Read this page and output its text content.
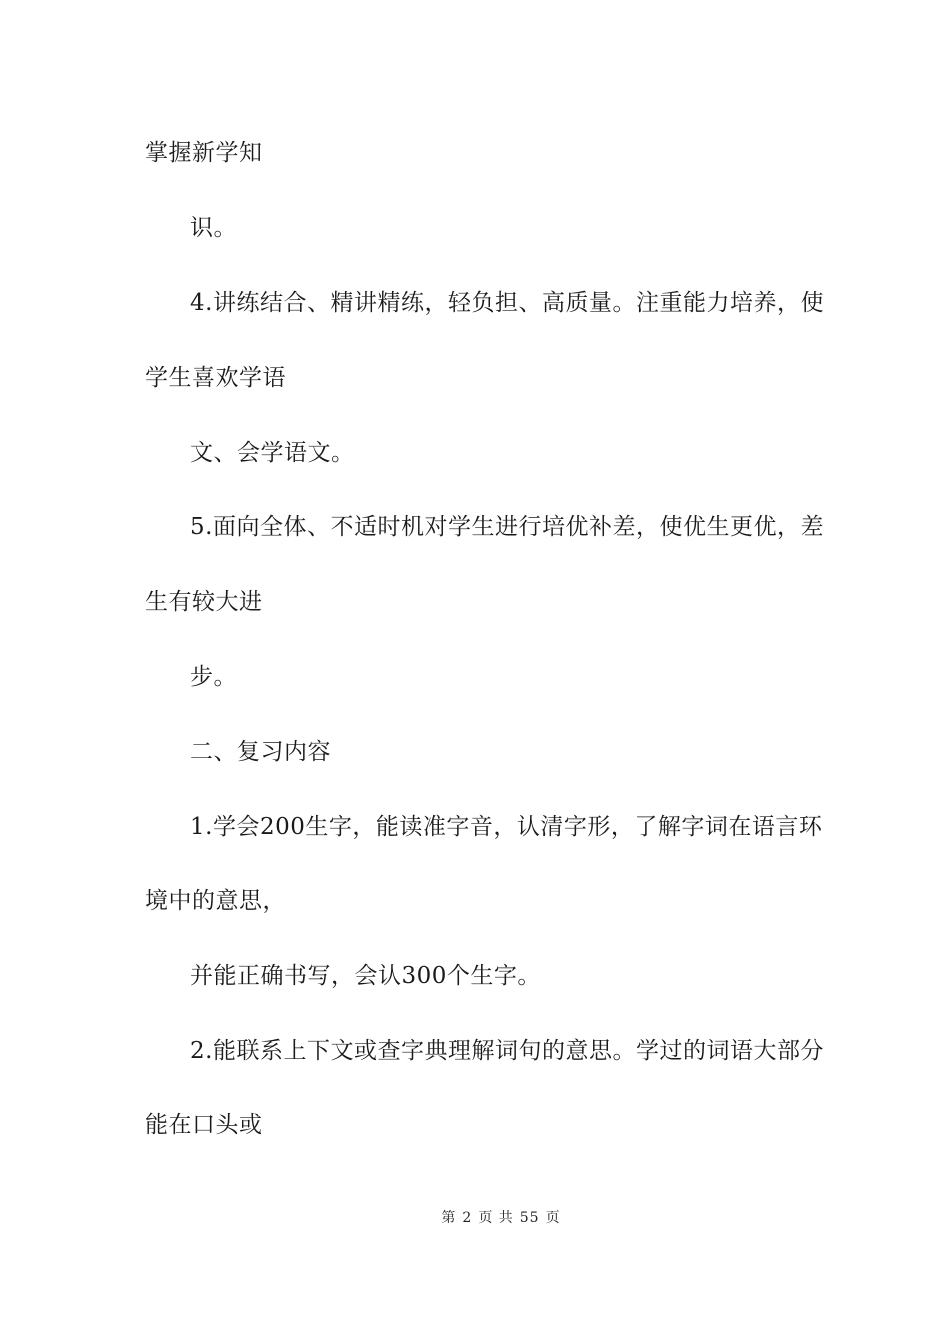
掌握新学知
识。
4.讲练结合、精讲精练，轻负担、高质量。注重能力培养，使
学生喜欢学语
文、会学语文。
5.面向全体、不适时机对学生进行培优补差，使优生更优，差
生有较大进
步。
二、复习内容
1.学会200生字，能读准字音，认清字形，了解字词在语言环
境中的意思，
并能正确书写，会认300个生字。
2.能联系上下文或查字典理解词句的意思。学过的词语大部分
能在口头或
第 2 页 共 55 页
